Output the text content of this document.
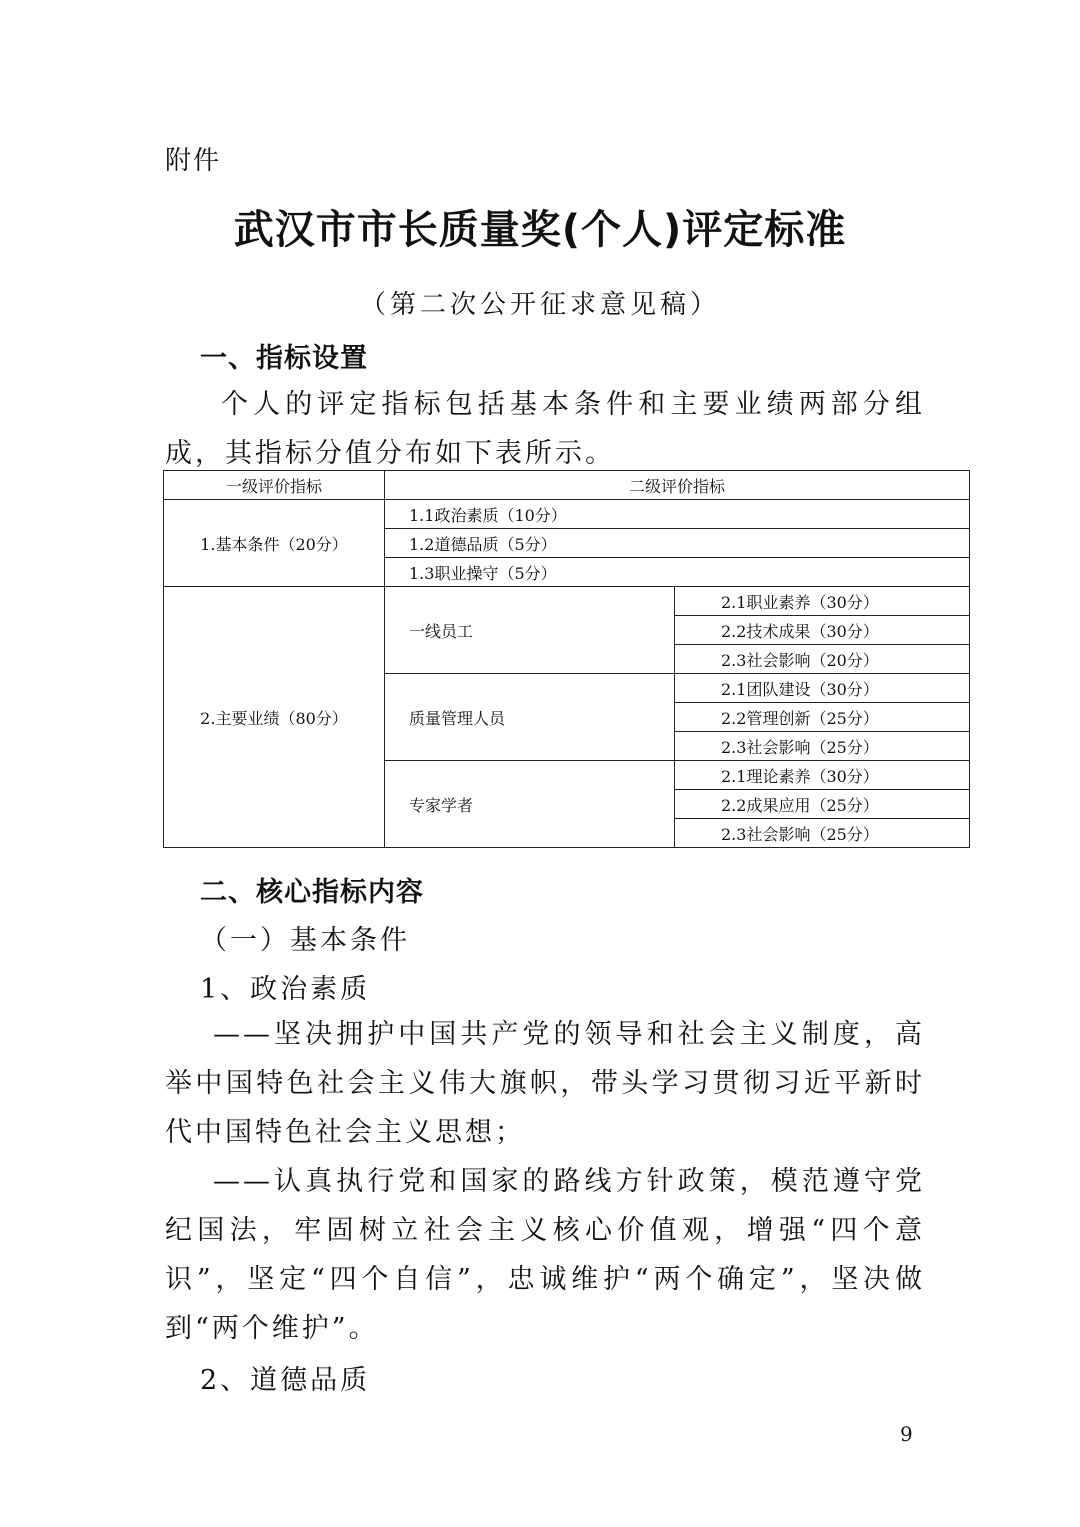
附件
武汉市市长质量奖(个人)评定标准
（第二次公开征求意见稿）
一、指标设置
个人的评定指标包括基本条件和主要业绩两部分组成，其指标分值分布如下表所示。
一级评价指标	二级评价指标	
1.基本条件（20分）	1.1政治素质（10分）	
	1.2道德品质（5分）	
	1.3职业操守（5分）	
2.主要业绩（80分）	一线员工	2.1职业素养（30分）
		2.2技术成果（30分）
		2.3社会影响（20分）
	质量管理人员	2.1团队建设（30分）
		2.2管理创新（25分）
		2.3社会影响（25分）
	专家学者	2.1理论素养（30分）
		2.2成果应用（25分）
		2.3社会影响（25分）
二、核心指标内容
（一）基本条件
1、政治素质
——坚决拥护中国共产党的领导和社会主义制度，高举中国特色社会主义伟大旗帜，带头学习贯彻习近平新时代中国特色社会主义思想；
——认真执行党和国家的路线方针政策，模范遵守党纪国法，牢固树立社会主义核心价值观，增强“四个意识”，坚定“四个自信”，忠诚维护“两个确定”，坚决做到“两个维护”。
2、道德品质
9
